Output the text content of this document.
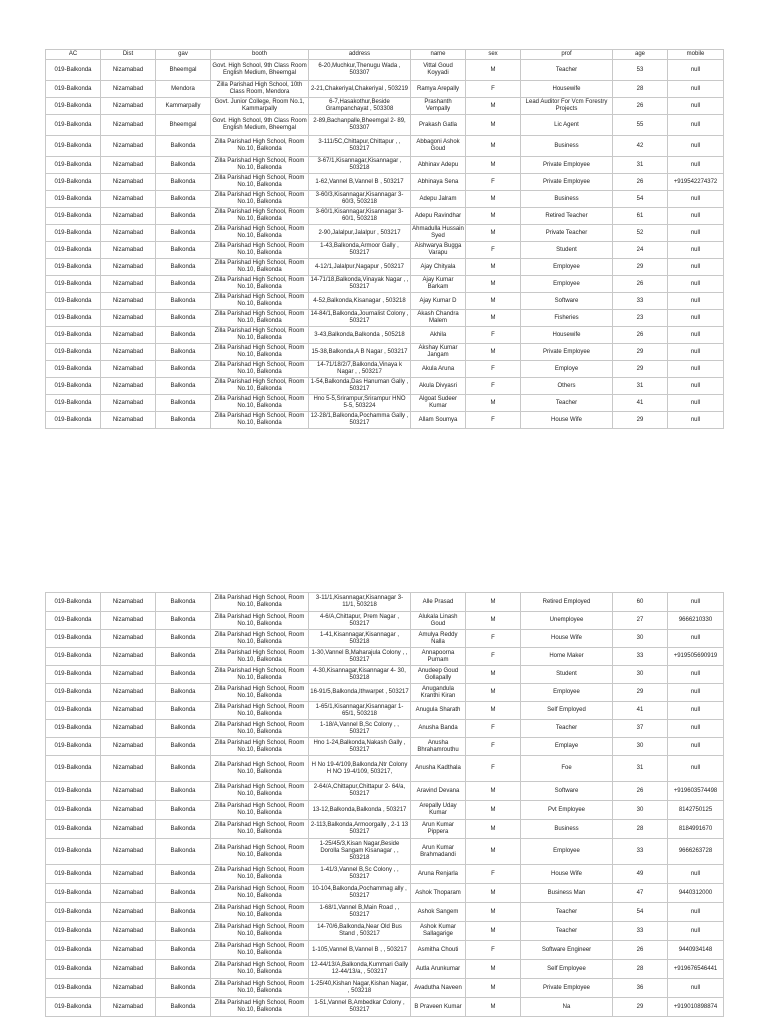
AC	Dist	gav	booth	address	name	sex	prof	age	mobile
019-Balkonda	Nizamabad	Bheemgal	Govt. High School, 9th Class Room English Medium, Bheemgal	6-20,Muchkur,Thenugu Wada , 503307	Vittal Goud Koyyadi	M	Teacher	53	null
019-Balkonda	Nizamabad	Mendora	Zilla Parishad High School, 10th Class Room, Mendora	2-21,Chakeriyal,Chakeriyal , 503219	Ramya Arepally	F	Housewife	28	null
019-Balkonda	Nizamabad	Kammarpally	Govt. Junior College, Room No.1, Kammarpally	6-7,Hasakothur,Beside Grampanchayat , 503308	Prashanth Vempally	M	Lead Auditor For Vcm Forestry Projects	26	null
019-Balkonda	Nizamabad	Bheemgal	Govt. High School, 9th Class Room English Medium, Bheemgal	2-89,Bachanpalle,Bheemgal 2- 89, 503307	Prakash Gatla	M	Lic Agent	55	null
019-Balkonda	Nizamabad	Balkonda	Zilla Parishad High School, Room No.10, Balkonda	3-111/5C,Chittapur,Chittapur , , 503217	Abbagoni Ashok Goud	M	Business	42	null
019-Balkonda	Nizamabad	Balkonda	Zilla Parishad High School, Room No.10, Balkonda	3-67/1,Kisannagar,Kisannagar , 503218	Abhinav Adepu	M	Private Employee	31	null
019-Balkonda	Nizamabad	Balkonda	Zilla Parishad High School, Room No.10, Balkonda	1-62,Vannel B,Vannel B , 503217	Abhinaya Sena	F	Private Employee	26	+919542274372
019-Balkonda	Nizamabad	Balkonda	Zilla Parishad High School, Room No.10, Balkonda	3-60/3,Kisannagar,Kisannagar 3- 60/3, 503218	Adepu Jalram	M	Business	54	null
019-Balkonda	Nizamabad	Balkonda	Zilla Parishad High School, Room No.10, Balkonda	3-60/1,Kisannagar,Kisannagar 3- 60/1, 503218	Adepu Ravindhar	M	Retired Teacher	61	null
019-Balkonda	Nizamabad	Balkonda	Zilla Parishad High School, Room No.10, Balkonda	2-90,Jalalpur,Jalalpur , 503217	Ahmadulla Hussain Syed	M	Private Teacher	52	null
019-Balkonda	Nizamabad	Balkonda	Zilla Parishad High School, Room No.10, Balkonda	1-43,Balkonda,Armoor Gally , 503217	Aishwarya Bugga Varapu	F	Student	24	null
019-Balkonda	Nizamabad	Balkonda	Zilla Parishad High School, Room No.10, Balkonda	4-12/1,Jalalpur,Nagapur , 503217	Ajay Chityala	M	Employee	29	null
019-Balkonda	Nizamabad	Balkonda	Zilla Parishad High School, Room No.10, Balkonda	14-71/18,Balkonda,Vinayak Nagar , , 503217	Ajay Kumar Barkam	M	Employee	26	null
019-Balkonda	Nizamabad	Balkonda	Zilla Parishad High School, Room No.10, Balkonda	4-52,Balkonda,Kisanagar , 503218	Ajay Kumar D	M	Software	33	null
019-Balkonda	Nizamabad	Balkonda	Zilla Parishad High School, Room No.10, Balkonda	14-84/1,Balkonda,Journalist Colony , 503217	Akash Chandra Malem	M	Fisheries	23	null
019-Balkonda	Nizamabad	Balkonda	Zilla Parishad High School, Room No.10, Balkonda	3-43,Balkonda,Balkonda , 505218	Akhila	F	Housewife	26	null
019-Balkonda	Nizamabad	Balkonda	Zilla Parishad High School, Room No.10, Balkonda	15-38,Balkonda,A B Nagar , 503217	Akshay Kumar Jangam	M	Private Employee	29	null
019-Balkonda	Nizamabad	Balkonda	Zilla Parishad High School, Room No.10, Balkonda	14-71/18/2/7,Balkonda,Vinaya k Nagar , , 503217	Akula Aruna	F	Employe	29	null
019-Balkonda	Nizamabad	Balkonda	Zilla Parishad High School, Room No.10, Balkonda	1-54,Balkonda,Das Hanuman Gally , 503217	Akula Divyasri	F	Others	31	null
019-Balkonda	Nizamabad	Balkonda	Zilla Parishad High School, Room No.10, Balkonda	Hno 5-5,Srirampur,Srirampur HNO 5-5, 503224	Algoat Sudeer Kumar	M	Teacher	41	null
019-Balkonda	Nizamabad	Balkonda	Zilla Parishad High School, Room No.10, Balkonda	12-28/1,Balkonda,Pochamma Gally , 503217	Allam Soumya	F	House Wife	29	null
019-Balkonda	Nizamabad	Balkonda	Zilla Parishad High School, Room No.10, Balkonda	3-11/1,Kisannagar,Kisannagar 3- 11/1, 503218	Alle Prasad	M	Retired Employed	60	null
019-Balkonda	Nizamabad	Balkonda	Zilla Parishad High School, Room No.10, Balkonda	4-6/A,Chittapur, Prem Nagar , 503217	Alukala Linash Goud	M	Unemployee	27	9666210330
019-Balkonda	Nizamabad	Balkonda	Zilla Parishad High School, Room No.10, Balkonda	1-41,Kisannagar,Kisannagar , 503218	Amulya Reddy Nalla	F	House Wife	30	null
019-Balkonda	Nizamabad	Balkonda	Zilla Parishad High School, Room No.10, Balkonda	1-30,Vannel B,Maharajula Colony , , 503217	Annapoorna Purnam	F	Home Maker	33	+919505690919
019-Balkonda	Nizamabad	Balkonda	Zilla Parishad High School, Room No.10, Balkonda	4-30,Kisannagar,Kisannagar 4- 30, 503218	Anudeep Goud Gollapally	M	Student	30	null
019-Balkonda	Nizamabad	Balkonda	Zilla Parishad High School, Room No.10, Balkonda	16-91/5,Balkonda,Ithwarpet , 503217	Anugandula Kranthi Kiran	M	Employee	29	null
019-Balkonda	Nizamabad	Balkonda	Zilla Parishad High School, Room No.10, Balkonda	1-65/1,Kisannagar,Kisannagar 1- 65/1, 503218	Anugula Sharath	M	Self Employed	41	null
019-Balkonda	Nizamabad	Balkonda	Zilla Parishad High School, Room No.10, Balkonda	1-18/A,Vannel B,Sc Colony , , 503217	Anusha Banda	F	Teacher	37	null
019-Balkonda	Nizamabad	Balkonda	Zilla Parishad High School, Room No.10, Balkonda	Hno 1-24,Balkonda,Nakash Gally , 503217	Anusha Bhrahamrouthu	F	Emplaye	30	null
019-Balkonda	Nizamabad	Balkonda	Zilla Parishad High School, Room No.10, Balkonda	H No 19-4/109,Balkonda,Ntr Colony H NO 19-4/109, 503217,	Anusha Kadthala	F	Foe	31	null
019-Balkonda	Nizamabad	Balkonda	Zilla Parishad High School, Room No.10, Balkonda	2-64/A,Chittapur,Chittapur 2- 64/a, 503217	Aravind Devana	M	Software	26	+919603574498
019-Balkonda	Nizamabad	Balkonda	Zilla Parishad High School, Room No.10, Balkonda	13-12,Balkonda,Balkonda , 503217	Arepally Uday Kumar	M	Pvt Employee	30	8142750125
019-Balkonda	Nizamabad	Balkonda	Zilla Parishad High School, Room No.10, Balkonda	2-113,Balkonda,Armoorgally , 2-1 13 503217	Arun Kumar Pippera	M	Business	28	8184991670
019-Balkonda	Nizamabad	Balkonda	Zilla Parishad High School, Room No.10, Balkonda	1-25/45/3,Kisan Nagar,Beside Dorolla Sangam Kisanagar , , 503218	Arun Kumar Brahmadandi	M	Employee	33	9666263728
019-Balkonda	Nizamabad	Balkonda	Zilla Parishad High School, Room No.10, Balkonda	1-41/3,Vannel B,Sc Colony , , 503217	Aruna Renjarla	F	House Wife	49	null
019-Balkonda	Nizamabad	Balkonda	Zilla Parishad High School, Room No.10, Balkonda	10-104,Balkonda,Pochammag ally , 503217	Ashok Thoparam	M	Business Man	47	9440312000
019-Balkonda	Nizamabad	Balkonda	Zilla Parishad High School, Room No.10, Balkonda	1-68/1,Vannel B,Main Road , , 503217	Ashok Sangem	M	Teacher	54	null
019-Balkonda	Nizamabad	Balkonda	Zilla Parishad High School, Room No.10, Balkonda	14-70/6,Balkonda,Near Old Bus Stand , 503217	Ashok Kumar Sallagarige	M	Teacher	33	null
019-Balkonda	Nizamabad	Balkonda	Zilla Parishad High School, Room No.10, Balkonda	1-105,Vannel B,Vannel B , , 503217	Asmitha Chouti	F	Software Engineer	26	9440934148
019-Balkonda	Nizamabad	Balkonda	Zilla Parishad High School, Room No.10, Balkonda	12-44/13/A,Balkonda,Kummari Gally 12-44/13/a, , 503217	Autla Arunkumar	M	Self Employee	28	+919676546441
019-Balkonda	Nizamabad	Balkonda	Zilla Parishad High School, Room No.10, Balkonda	1-25/40,Kishan Nagar,Kishan Nagar, , 503218	Avadutha Naveen	M	Private Employee	36	null
019-Balkonda	Nizamabad	Balkonda	Zilla Parishad High School, Room No.10, Balkonda	1-51,Vannel B,Ambedkar Colony , 503217	B Praveen Kumar	M	Na	29	+919010898874
